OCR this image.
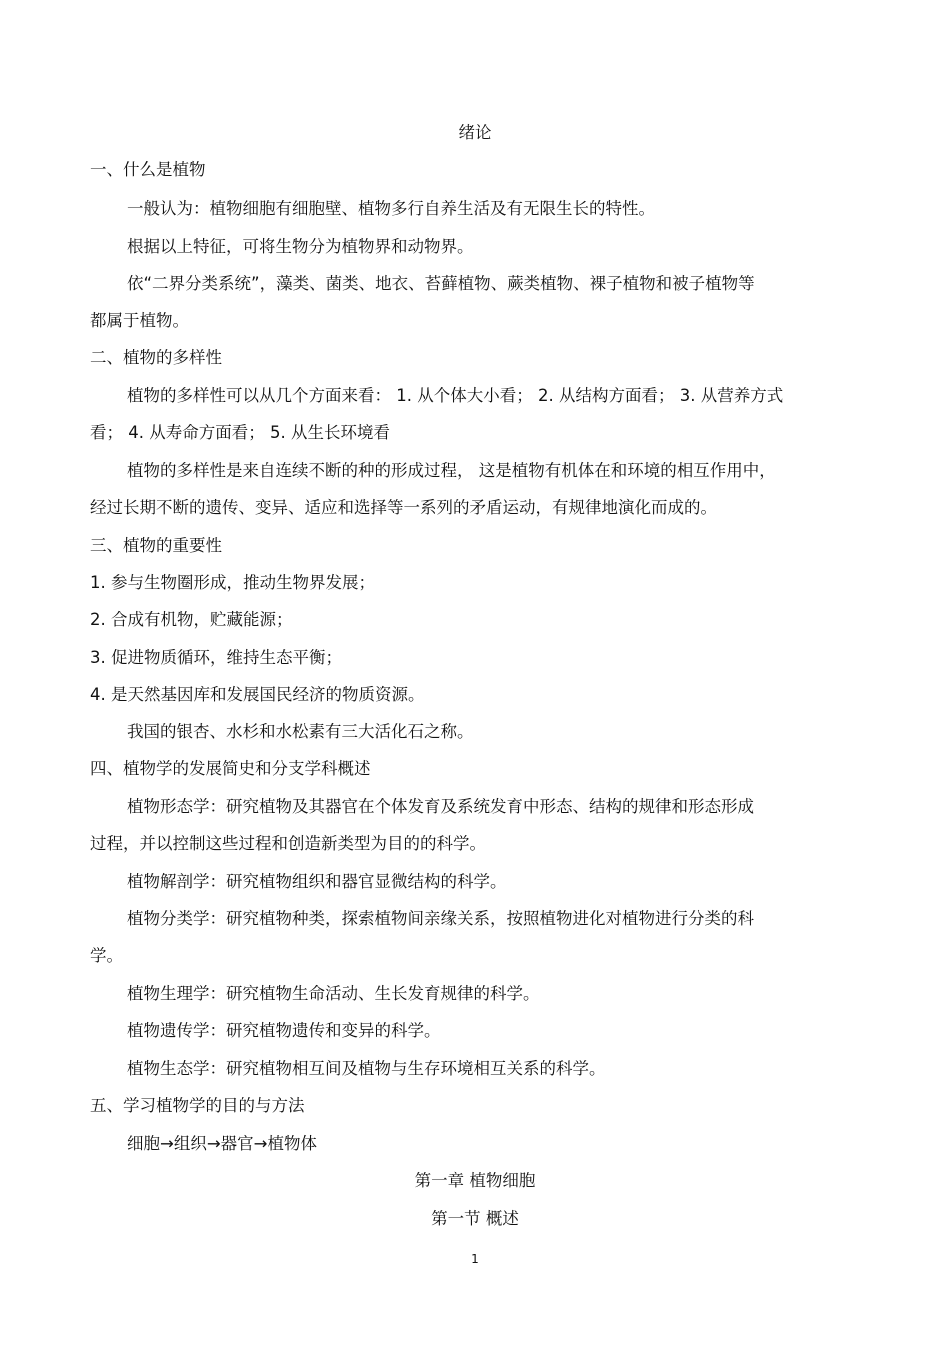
绪论
一、什么是植物
一般认为：植物细胞有细胞壁、植物多行自养生活及有无限生长的特性。
根据以上特征，可将生物分为植物界和动物界。
依“二界分类系统”，藻类、菌类、地衣、苔藓植物、蕨类植物、裸子植物和被子植物等
都属于植物。
二、植物的多样性
植物的多样性可以从几个方面来看： 1. 从个体大小看； 2. 从结构方面看； 3. 从营养方式
看； 4. 从寿命方面看； 5. 从生长环境看
植物的多样性是来自连续不断的种的形成过程， 这是植物有机体在和环境的相互作用中，
经过长期不断的遗传、变异、适应和选择等一系列的矛盾运动，有规律地演化而成的。
三、植物的重要性
1. 参与生物圈形成，推动生物界发展；
2. 合成有机物，贮藏能源；
3. 促进物质循环，维持生态平衡；
4. 是天然基因库和发展国民经济的物质资源。
我国的银杏、水杉和水松素有三大活化石之称。
四、植物学的发展简史和分支学科概述
植物形态学：研究植物及其器官在个体发育及系统发育中形态、结构的规律和形态形成
过程，并以控制这些过程和创造新类型为目的的科学。
植物解剖学：研究植物组织和器官显微结构的科学。
植物分类学：研究植物种类，探索植物间亲缘关系，按照植物进化对植物进行分类的科
学。
植物生理学：研究植物生命活动、生长发育规律的科学。
植物遗传学：研究植物遗传和变异的科学。
植物生态学：研究植物相互间及植物与生存环境相互关系的科学。
五、学习植物学的目的与方法
细胞→组织→器官→植物体
第一章 植物细胞
第一节 概述
1
